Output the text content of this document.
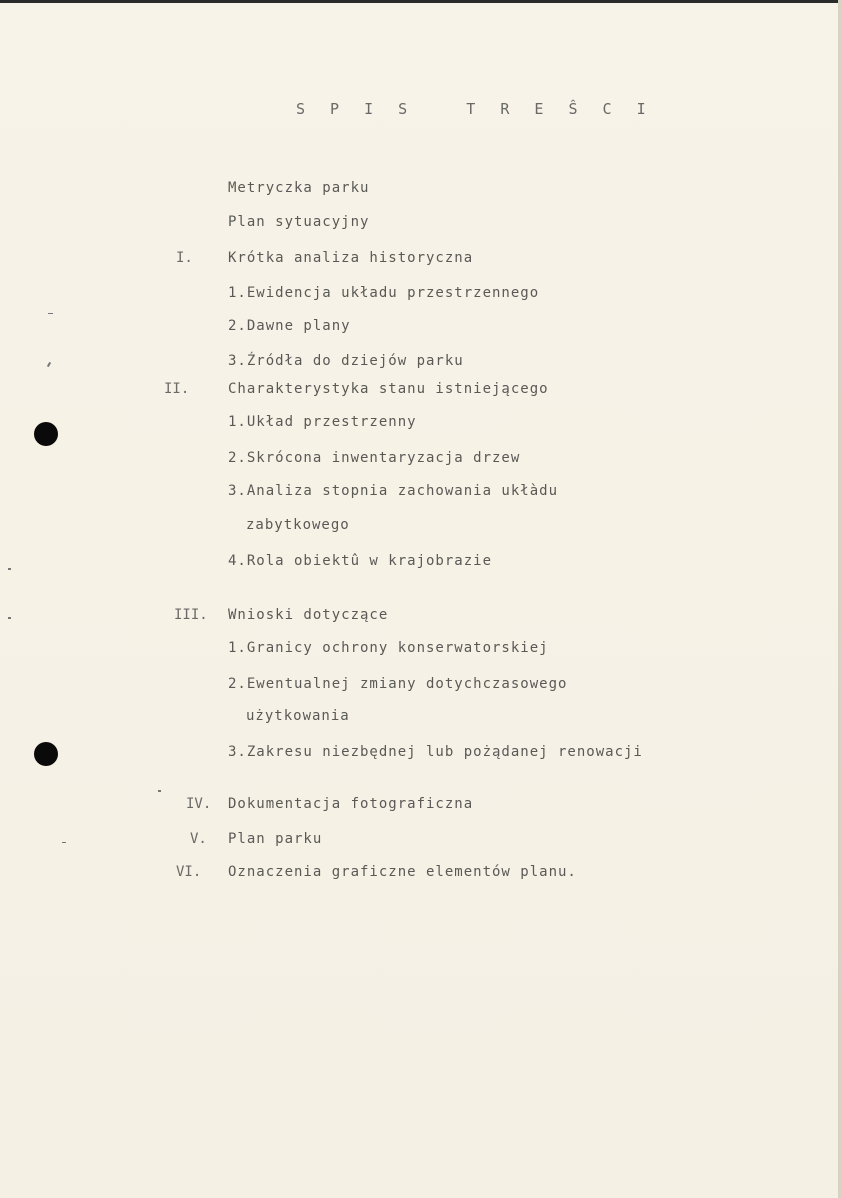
S P I S   T R E Ŝ C I
Metryczka parku
Plan sytuacyjny
I.	Krótka analiza historyczna
1.Ewidencja układu przestrzennego
2.Dawne plany
3.Źródła do dziejów parku
II.	Charakterystyka stanu istniejącego
1.Układ przestrzenny
2.Skrócona inwentaryzacja drzew
3.Analiza stopnia zachowania ukłàdu
zabytkowego
4.Rola obiektû w krajobrazie
III. Wnioski dotyczące
1.Granicy ochrony konserwatorskiej
2.Ewentualnej zmiany dotychczasowego
użytkowania
3.Zakresu niezbędnej lub pożądanej renowacji
IV. Dokumentacja fotograficzna
V. Plan parku
VI. Oznaczenia graficzne elementów planu.
